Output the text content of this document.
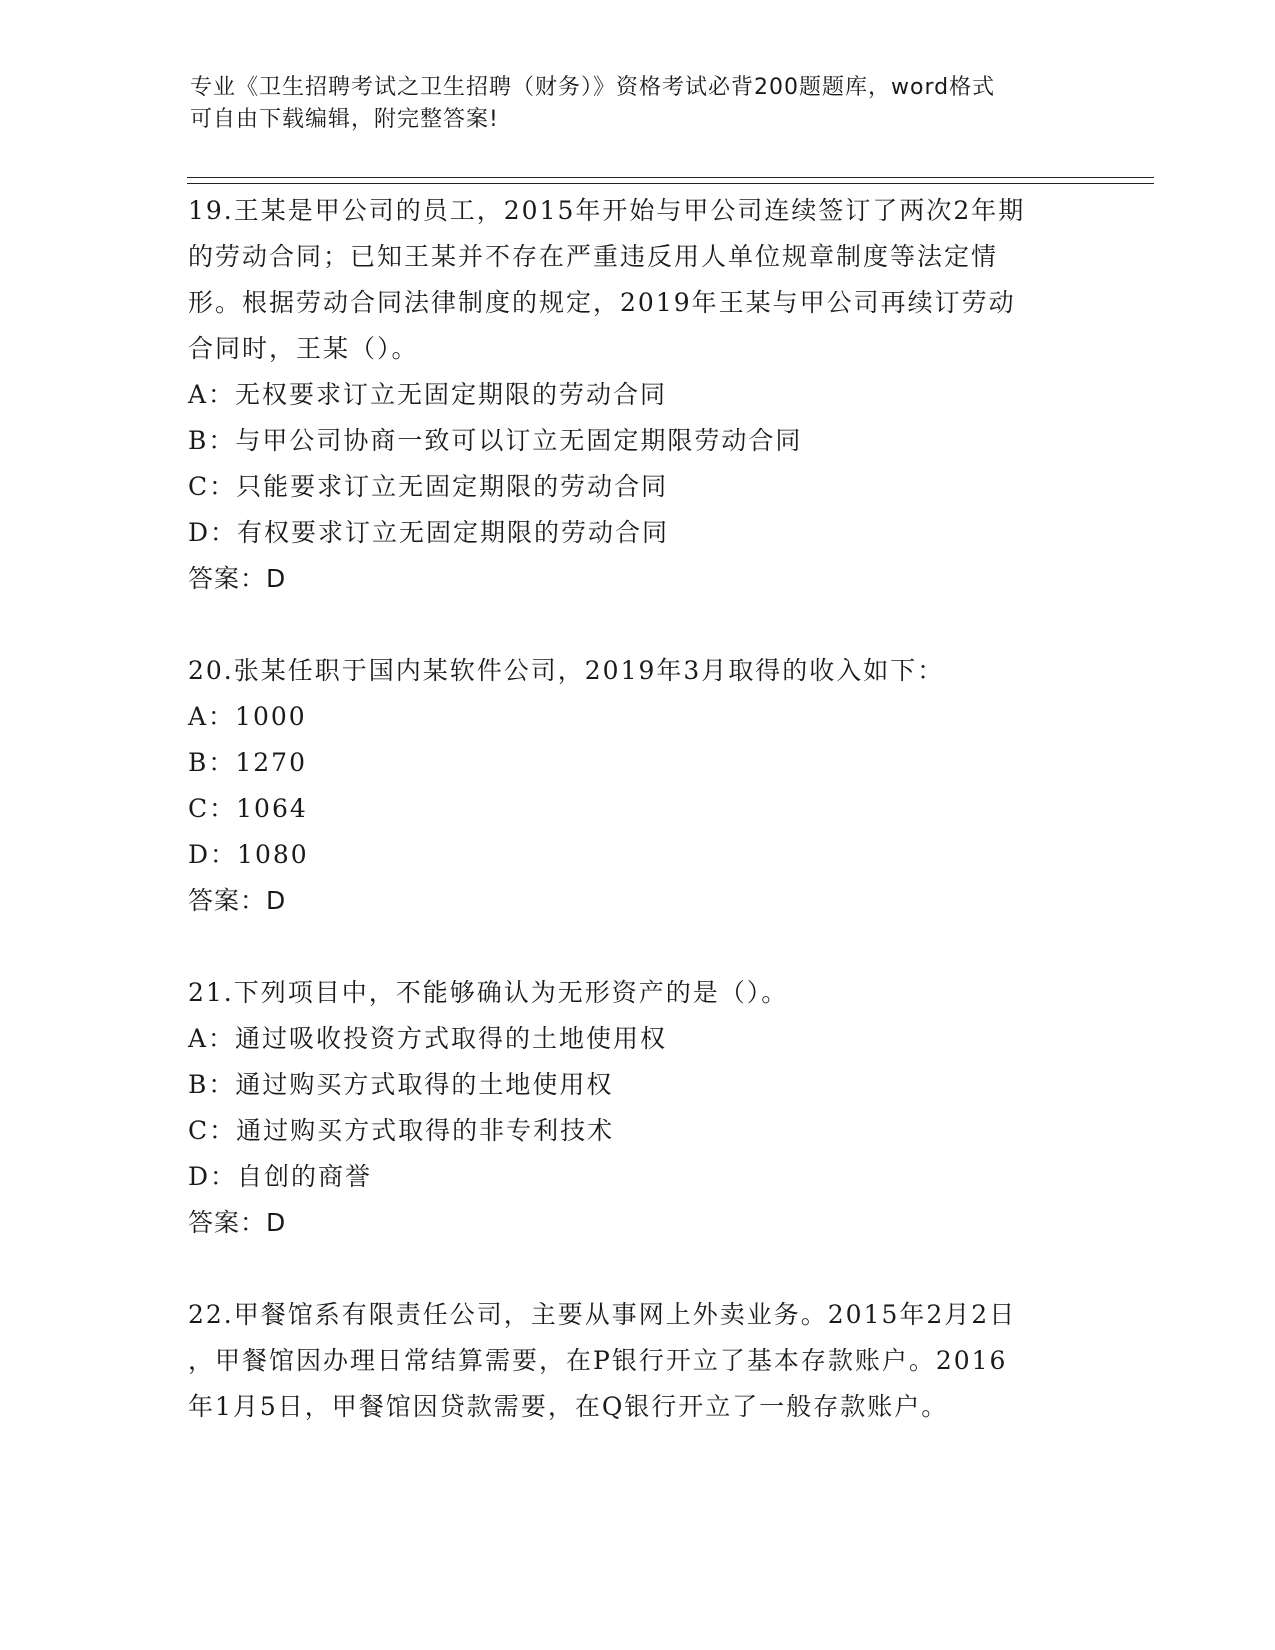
专业《卫生招聘考试之卫生招聘（财务）》资格考试必背200题题库，word格式
可自由下载编辑，附完整答案!
19.王某是甲公司的员工，2015年开始与甲公司连续签订了两次2年期
的劳动合同；已知王某并不存在严重违反用人单位规章制度等法定情
形。根据劳动合同法律制度的规定，2019年王某与甲公司再续订劳动
合同时，王某（）。
A：无权要求订立无固定期限的劳动合同
B：与甲公司协商一致可以订立无固定期限劳动合同
C：只能要求订立无固定期限的劳动合同
D：有权要求订立无固定期限的劳动合同
答案：D
20.张某任职于国内某软件公司，2019年3月取得的收入如下：
A：1000
B：1270
C：1064
D：1080
答案：D
21.下列项目中，不能够确认为无形资产的是（）。
A：通过吸收投资方式取得的土地使用权
B：通过购买方式取得的土地使用权
C：通过购买方式取得的非专利技术
D：自创的商誉
答案：D
22.甲餐馆系有限责任公司，主要从事网上外卖业务。2015年2月2日
，甲餐馆因办理日常结算需要，在P银行开立了基本存款账户。2016
年1月5日，甲餐馆因贷款需要，在Q银行开立了一般存款账户。
